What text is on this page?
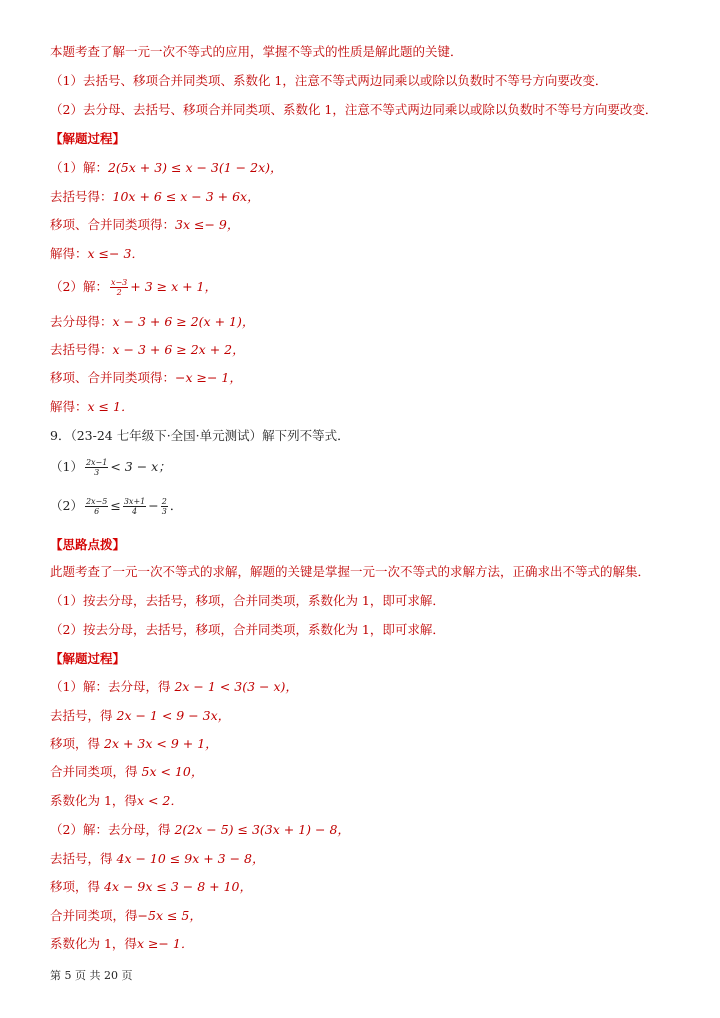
本题考查了解一元一次不等式的应用，掌握不等式的性质是解此题的关键．
（1）去括号、移项合并同类项、系数化 1，注意不等式两边同乘以或除以负数时不等号方向要改变．
（2）去分母、去括号、移项合并同类项、系数化 1，注意不等式两边同乘以或除以负数时不等号方向要改变．
【解题过程】
（1）解：2(5x + 3) ≤ x − 3(1 − 2x)，
去括号得：10x + 6 ≤ x − 3 + 6x，
移项、合并同类项得：3x ≤− 9，
解得：x ≤− 3．
（2）解： $\frac{x-3}{2} + 3 \ge x + 1$，
去分母得：x − 3 + 6 ≥ 2(x + 1)，
去括号得：x − 3 + 6 ≥ 2x + 2，
移项、合并同类项得：−x ≥− 1，
解得：x ≤ 1．
9．（23-24 七年级下·全国·单元测试）解下列不等式．
$(1) \frac{2x-1}{3} < 3 - x$；
$(2) \frac{2x-5}{6} \le \frac{3x+1}{4} - \frac{2}{3}$ ．
【思路点拨】
此题考查了一元一次不等式的求解，解题的关键是掌握一元一次不等式的求解方法，正确求出不等式的解集．
（1）按去分母，去括号，移项，合并同类项，系数化为 1，即可求解．
（2）按去分母，去括号，移项，合并同类项，系数化为 1，即可求解．
【解题过程】
（1）解：去分母，得 2x − 1 < 3(3 − x)，
去括号，得 2x − 1 < 9 − 3x，
移项，得 2x + 3x < 9 + 1，
合并同类项，得 5x < 10，
系数化为 1，得x < 2．
（2）解：去分母，得 2(2x − 5) ≤ 3(3x + 1) − 8，
去括号，得 4x − 10 ≤ 9x + 3 − 8，
移项，得 4x − 9x ≤ 3 − 8 + 10，
合并同类项，得−5x ≤ 5，
系数化为 1，得x ≥− 1．
第 5 页 共 20 页
